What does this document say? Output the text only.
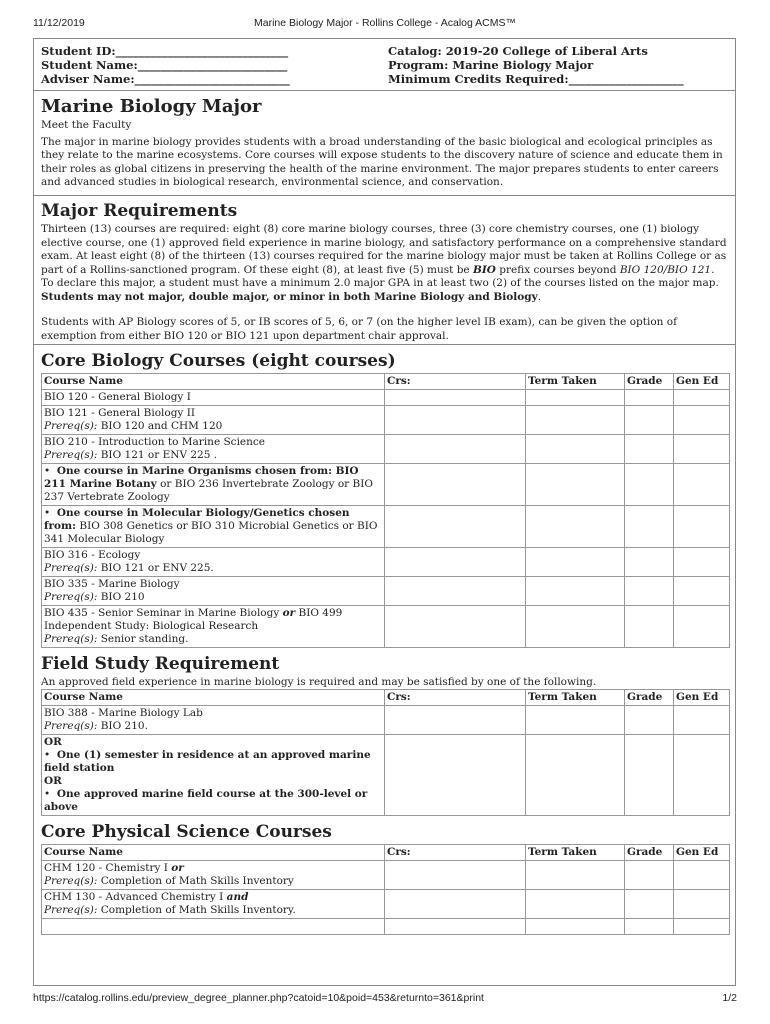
11/12/2019	Marine Biology Major - Rollins College - Acalog ACMS™
Student ID:______________________________
Student Name:__________________________
Adviser Name:___________________________
Catalog: 2019-20 College of Liberal Arts
Program: Marine Biology Major
Minimum Credits Required:____________________
Marine Biology Major

Meet the Faculty

The major in marine biology provides students with a broad understanding of the basic biological and ecological principles as they relate to the marine ecosystems. Core courses will expose students to the discovery nature of science and educate them in their roles as global citizens in preserving the health of the marine environment. The major prepares students to enter careers and advanced studies in biological research, environmental science, and conservation.

Major Requirements

Thirteen (13) courses are required: eight (8) core marine biology courses, three (3) core chemistry courses, one (1) biology elective course, one (1) approved field experience in marine biology, and satisfactory performance on a comprehensive standard exam. At least eight (8) of the thirteen (13) courses required for the marine biology major must be taken at Rollins College or as part of a Rollins-sanctioned program. Of these eight (8), at least five (5) must be BIO prefix courses beyond BIO 120/BIO 121. To declare this major, a student must have a minimum 2.0 major GPA in at least two (2) of the courses listed on the major map. Students may not major, double major, or minor in both Marine Biology and Biology.

Students with AP Biology scores of 5, or IB scores of 5, 6, or 7 (on the higher level IB exam), can be given the option of exemption from either BIO 120 or BIO 121 upon department chair approval.

Core Biology Courses (eight courses)
Course Name	Crs:	Term Taken	Grade	Gen Ed
BIO 120 - General Biology I				

BIO 121 - General Biology II
Prereq(s): BIO 120 and CHM 120				

BIO 210 - Introduction to Marine Science
Prereq(s): BIO 121 or ENV 225 .				

•  One course in Marine Organisms chosen from: BIO 211 Marine Botany or BIO 236 Invertebrate Zoology or BIO 237 Vertebrate Zoology				
•  One course in Molecular Biology/Genetics chosen from: BIO 308 Genetics or BIO 310 Microbial Genetics or BIO 341 Molecular Biology				

BIO 316 - Ecology
Prereq(s): BIO 121 or ENV 225.				

BIO 335 - Marine Biology
Prereq(s): BIO 210				

BIO 435 - Senior Seminar in Marine Biology or BIO 499 Independent Study: Biological Research
Prereq(s): Senior standing.				

Field Study Requirement
An approved field experience in marine biology is required and may be satisfied by one of the following.
Course Name	Crs:	Term Taken	Grade	Gen Ed

BIO 388 - Marine Biology Lab
Prereq(s): BIO 210.				

OR
•  One (1) semester in residence at an approved marine field station
OR
•  One approved marine field course at the 300-level or above				
Core Physical Science Courses
Course Name	Crs:	Term Taken	Grade	Gen Ed

CHM 120 - Chemistry I or
Prereq(s): Completion of Math Skills Inventory				

CHM 130 - Advanced Chemistry I and
Prereq(s): Completion of Math Skills Inventory.				

https://catalog.rollins.edu/preview_degree_planner.php?catoid=10&poid=453&returnto=361&print	1/2
